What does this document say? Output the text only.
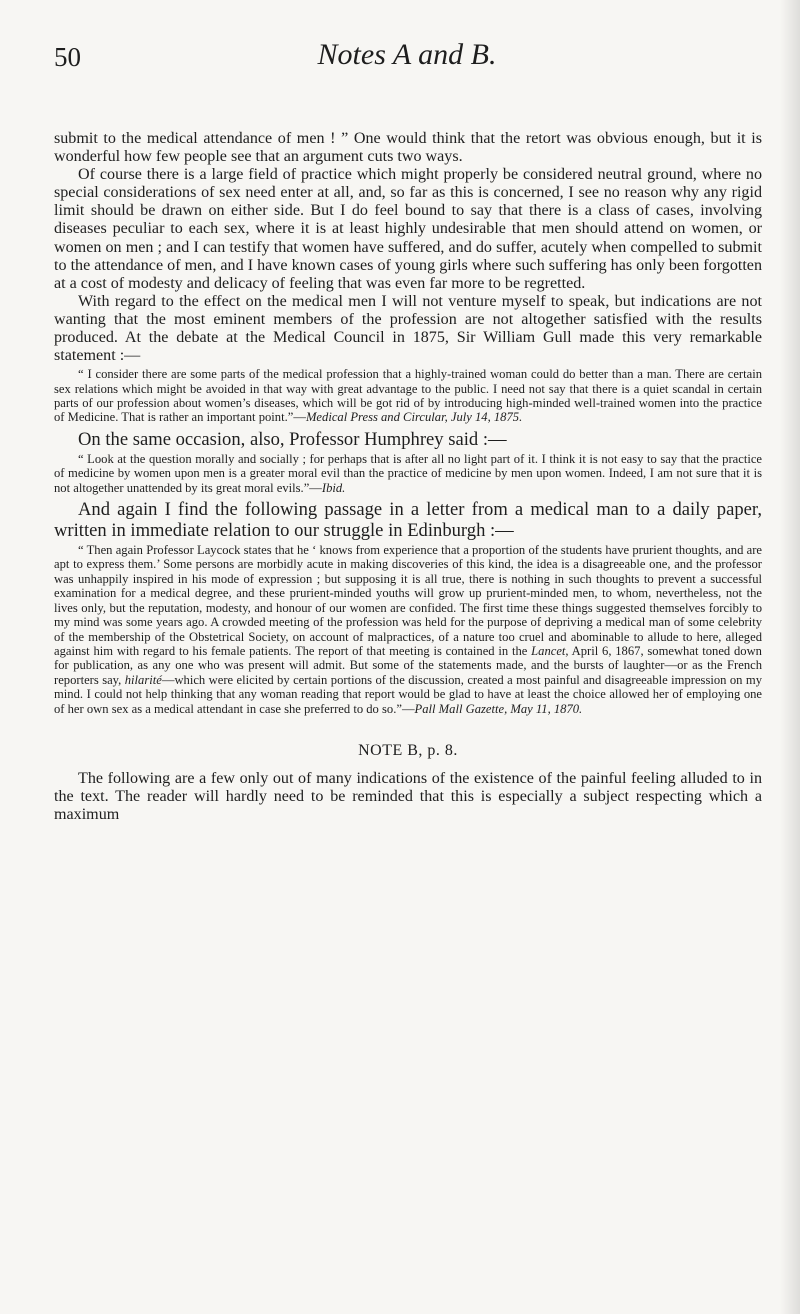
50	Notes A and B.

submit to the medical attendance of men ! ” One would think that the retort was obvious enough, but it is wonderful how few people see that an argument cuts two ways.

Of course there is a large field of practice which might properly be considered neutral ground, where no special considerations of sex need enter at all, and, so far as this is concerned, I see no reason why any rigid limit should be drawn on either side. But I do feel bound to say that there is a class of cases, involving diseases peculiar to each sex, where it is at least highly undesirable that men should attend on women, or women on men ; and I can testify that women have suffered, and do suffer, acutely when compelled to submit to the attendance of men, and I have known cases of young girls where such suffering has only been forgotten at a cost of modesty and delicacy of feeling that was even far more to be regretted.

With regard to the effect on the medical men I will not venture myself to speak, but indications are not wanting that the most eminent members of the profession are not altogether satisfied with the results produced. At the debate at the Medical Council in 1875, Sir William Gull made this very remarkable statement :—

“ I consider there are some parts of the medical profession that a highly-trained woman could do better than a man. There are certain sex relations which might be avoided in that way with great advantage to the public. I need not say that there is a quiet scandal in certain parts of our profession about women’s diseases, which will be got rid of by introducing high-minded well-trained women into the practice of Medicine. That is rather an important point.”—Medical Press and Circular, July 14, 1875.

On the same occasion, also, Professor Humphrey said :—

“ Look at the question morally and socially ; for perhaps that is after all no light part of it. I think it is not easy to say that the practice of medicine by women upon men is a greater moral evil than the practice of medicine by men upon women. Indeed, I am not sure that it is not altogether unattended by its great moral evils.”—Ibid.

And again I find the following passage in a letter from a medical man to a daily paper, written in immediate relation to our struggle in Edinburgh :—

“ Then again Professor Laycock states that he ‘ knows from experience that a proportion of the students have prurient thoughts, and are apt to express them.’ Some persons are morbidly acute in making discoveries of this kind, the idea is a disagreeable one, and the professor was unhappily inspired in his mode of expression ; but supposing it is all true, there is nothing in such thoughts to prevent a successful examination for a medical degree, and these prurient-minded youths will grow up prurient-minded men, to whom, nevertheless, not the lives only, but the reputation, modesty, and honour of our women are confided. The first time these things suggested themselves forcibly to my mind was some years ago. A crowded meeting of the profession was held for the purpose of depriving a medical man of some celebrity of the membership of the Obstetrical Society, on account of malpractices, of a nature too cruel and abominable to allude to here, alleged against him with regard to his female patients. The report of that meeting is contained in the Lancet, April 6, 1867, somewhat toned down for publication, as any one who was present will admit. But some of the statements made, and the bursts of laughter—or as the French reporters say, hilarité—which were elicited by certain portions of the discussion, created a most painful and disagreeable impression on my mind. I could not help thinking that any woman reading that report would be glad to have at least the choice allowed her of employing one of her own sex as a medical attendant in case she preferred to do so.”—Pall Mall Gazette, May 11, 1870.

NOTE B, p. 8.

The following are a few only out of many indications of the existence of the painful feeling alluded to in the text. The reader will hardly need to be reminded that this is especially a subject respecting which a maximum
